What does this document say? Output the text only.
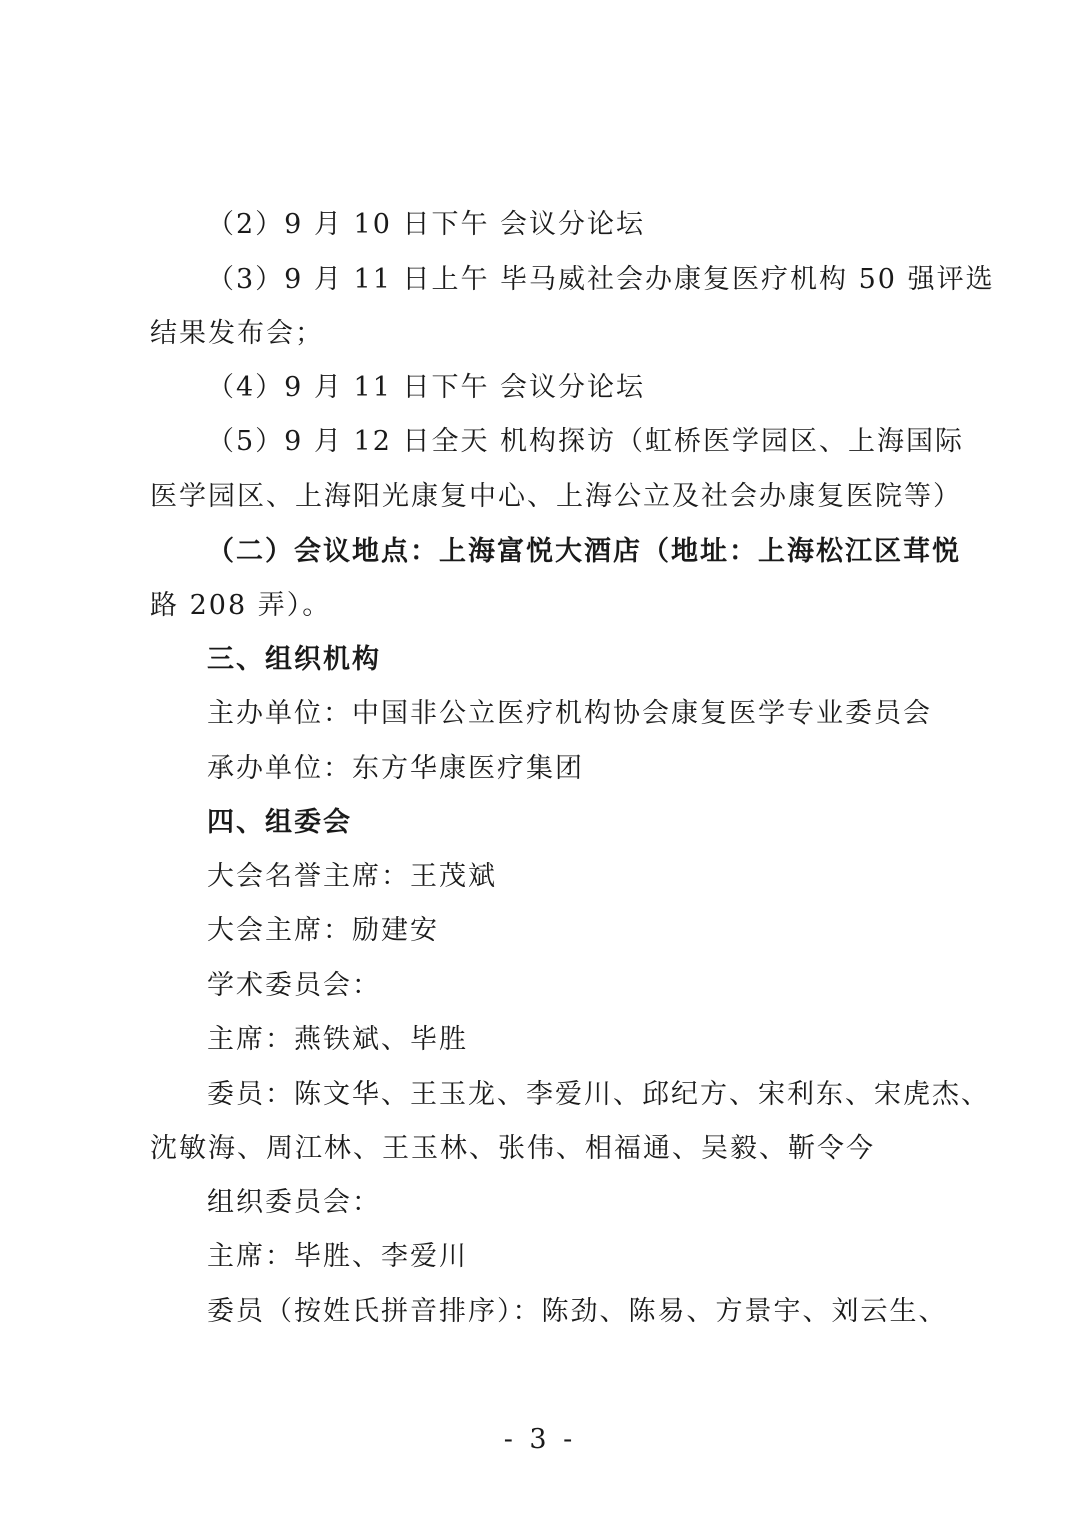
（2）9 月 10 日下午 会议分论坛
（3）9 月 11 日上午 毕马威社会办康复医疗机构 50 强评选
结果发布会；
（4）9 月 11 日下午 会议分论坛
（5）9 月 12 日全天 机构探访（虹桥医学园区、上海国际
医学园区、上海阳光康复中心、上海公立及社会办康复医院等）
（二）会议地点：上海富悦大酒店（地址：上海松江区茸悦
路 208 弄）。
三、组织机构
主办单位：中国非公立医疗机构协会康复医学专业委员会
承办单位：东方华康医疗集团
四、组委会
大会名誉主席：王茂斌
大会主席：励建安
学术委员会：
主席：燕铁斌、毕胜
委员：陈文华、王玉龙、李爱川、邱纪方、宋利东、宋虎杰、
沈敏海、周江林、王玉林、张伟、相福通、吴毅、靳令今
组织委员会：
主席：毕胜、李爱川
委员（按姓氏拼音排序）：陈劲、陈易、方景宇、刘云生、
- 3 -
